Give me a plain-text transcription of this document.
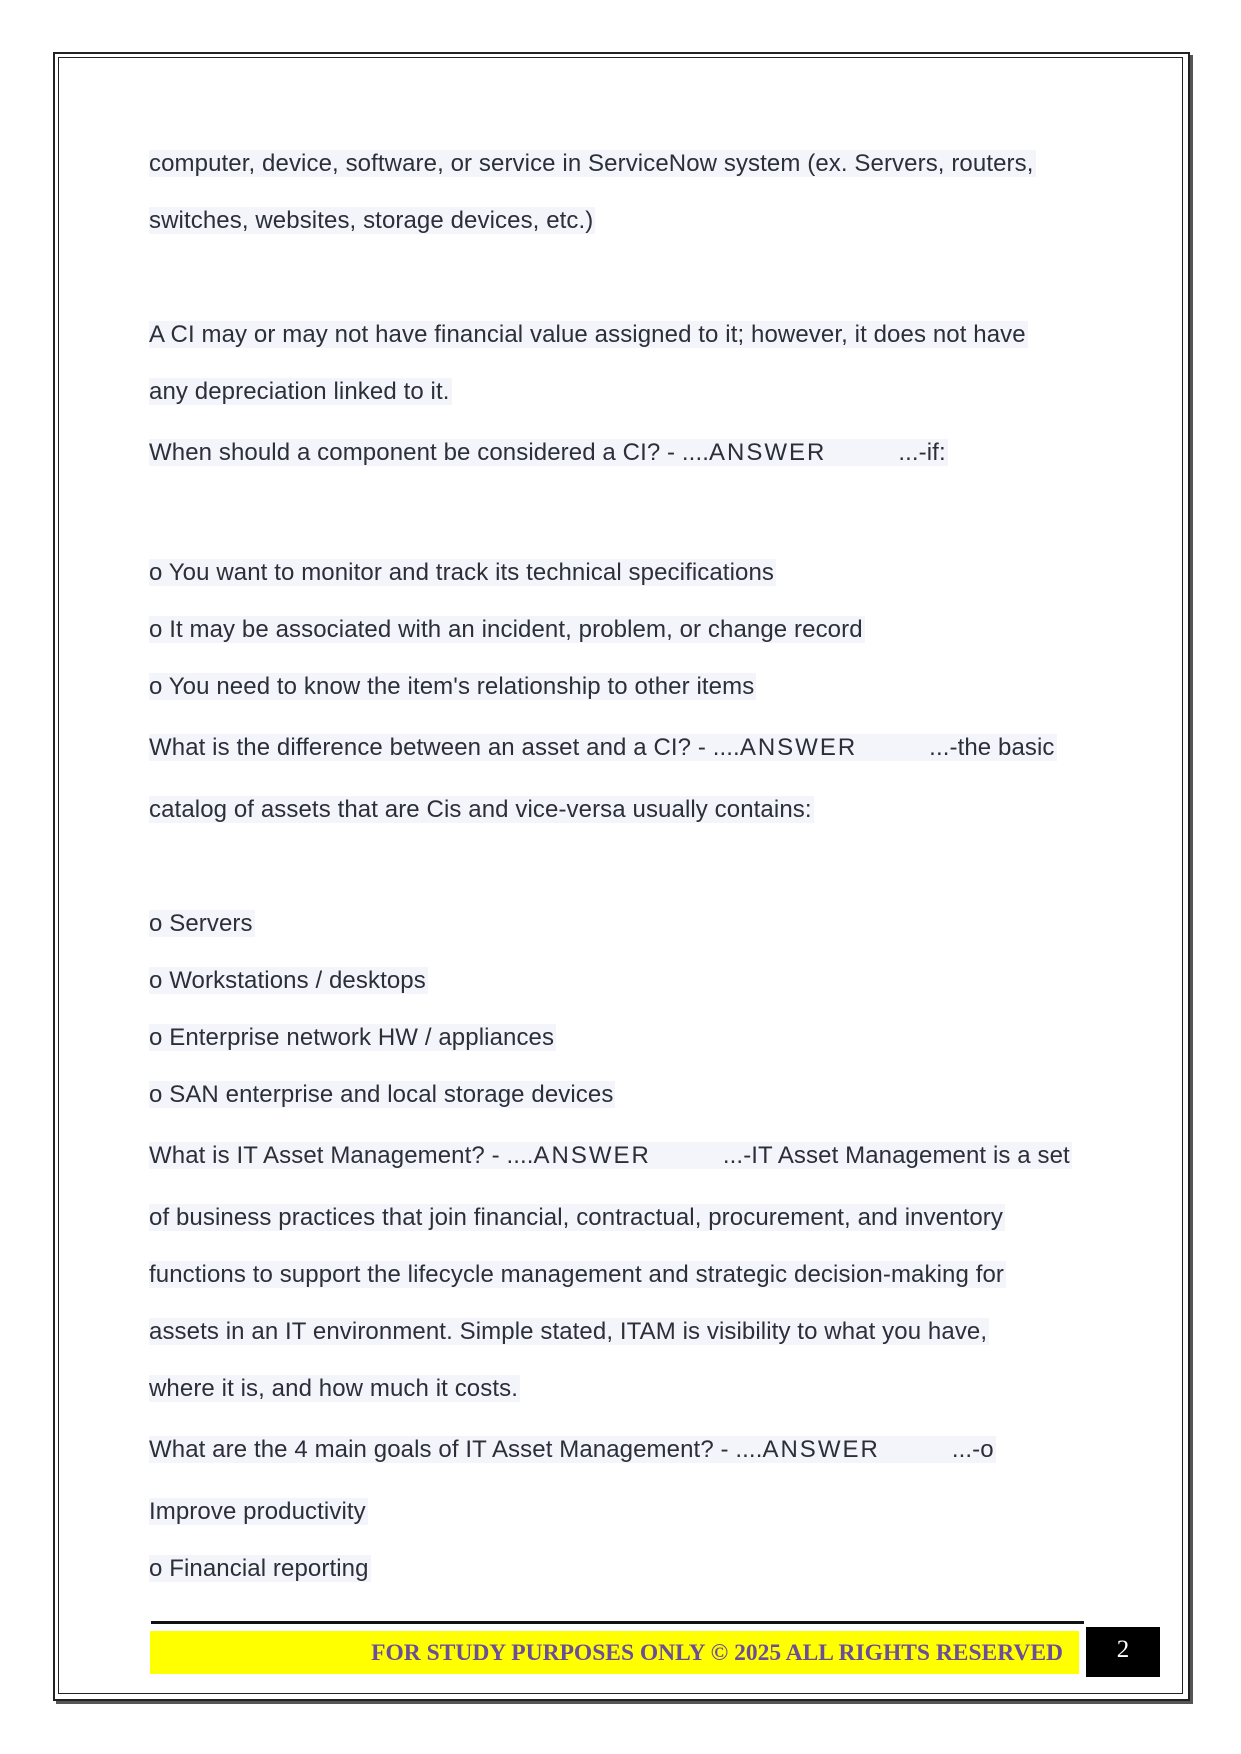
computer, device, software, or service in ServiceNow system (ex. Servers, routers,
switches, websites, storage devices, etc.)
A CI may or may not have financial value assigned to it; however, it does not have
any depreciation linked to it.
When should a component be considered a CI? - ....ANSWER	...-if:
o You want to monitor and track its technical specifications
o It may be associated with an incident, problem, or change record
o You need to know the item's relationship to other items
What is the difference between an asset and a CI? - ....ANSWER	...-the basic
catalog of assets that are Cis and vice-versa usually contains:
o Servers
o Workstations / desktops
o Enterprise network HW / appliances
o SAN enterprise and local storage devices
What is IT Asset Management? - ....ANSWER	...-IT Asset Management is a set
of business practices that join financial, contractual, procurement, and inventory
functions to support the lifecycle management and strategic decision-making for
assets in an IT environment. Simple stated, ITAM is visibility to what you have,
where it is, and how much it costs.
What are the 4 main goals of IT Asset Management? - ....ANSWER	...-o
Improve productivity
o Financial reporting
FOR STUDY PURPOSES ONLY © 2025 ALL RIGHTS RESERVED	2
